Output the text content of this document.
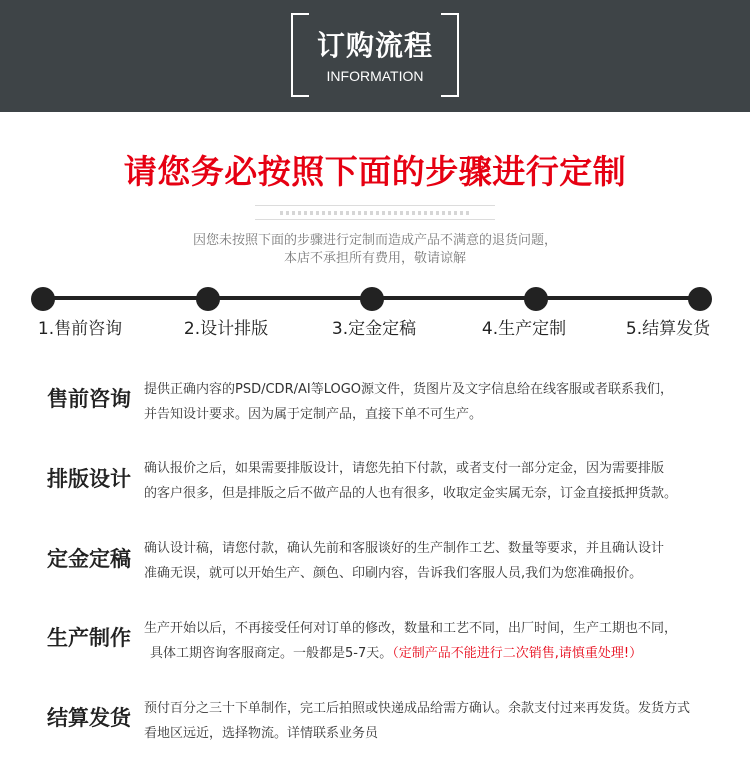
订购流程
INFORMATION
请您务必按照下面的步骤进行定制
因您未按照下面的步骤进行定制而造成产品不满意的退货问题，
本店不承担所有费用，敬请谅解
1.售前咨询	2.设计排版	3.定金定稿	4.生产定制	5.结算发货
售前咨询	提供正确内容的PSD/CDR/AI等LOGO源文件，货图片及文字信息给在线客服或者联系我们，
并告知设计要求。因为属于定制产品，直接下单不可生产。
排版设计	确认报价之后，如果需要排版设计，请您先拍下付款，或者支付一部分定金，因为需要排版
的客户很多，但是排版之后不做产品的人也有很多，收取定金实属无奈，订金直接抵押货款。
定金定稿	确认设计稿，请您付款，确认先前和客服谈好的生产制作工艺、数量等要求，并且确认设计
准确无误，就可以开始生产、颜色、印刷内容，告诉我们客服人员,我们为您准确报价。
生产制作	生产开始以后，不再接受任何对订单的修改，数量和工艺不同，出厂时间，生产工期也不同，
具体工期咨询客服商定。一般都是5-7天。（定制产品不能进行二次销售,请慎重处理!）
结算发货	预付百分之三十下单制作，完工后拍照或快递成品给需方确认。余款支付过来再发货。发货方式
看地区远近，选择物流。详情联系业务员
